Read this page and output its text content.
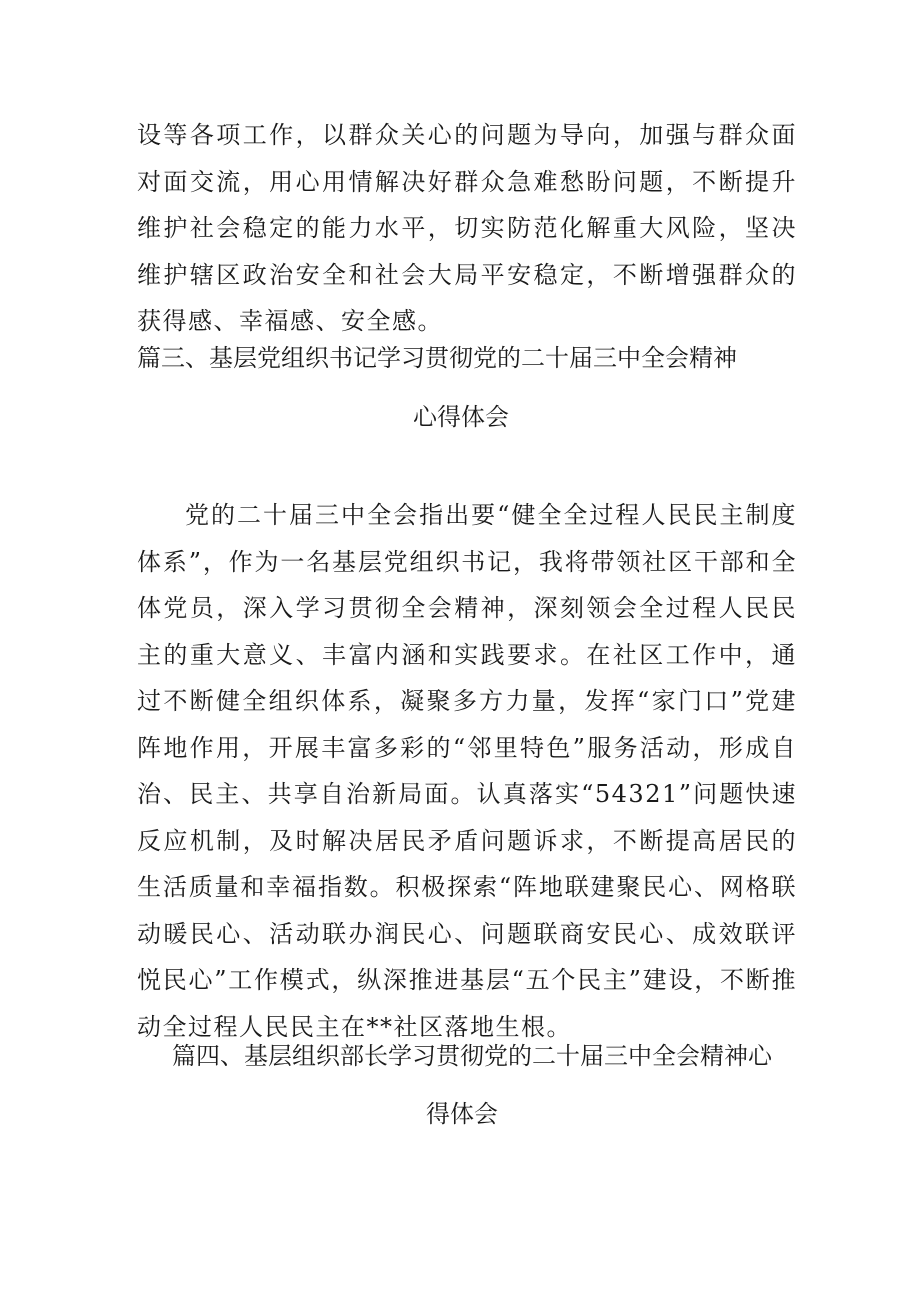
设等各项工作，以群众关心的问题为导向，加强与群众面对面交流，用心用情解决好群众急难愁盼问题，不断提升维护社会稳定的能力水平，切实防范化解重大风险，坚决维护辖区政治安全和社会大局平安稳定，不断增强群众的获得感、幸福感、安全感。

篇三、基层党组织书记学习贯彻党的二十届三中全会精神
心得体会

党的二十届三中全会指出要“健全全过程人民民主制度体系”，作为一名基层党组织书记，我将带领社区干部和全体党员，深入学习贯彻全会精神，深刻领会全过程人民民主的重大意义、丰富内涵和实践要求。在社区工作中，通过不断健全组织体系，凝聚多方力量，发挥“家门口”党建阵地作用，开展丰富多彩的“邻里特色”服务活动，形成自治、民主、共享自治新局面。认真落实“54321”问题快速反应机制，及时解决居民矛盾问题诉求，不断提高居民的生活质量和幸福指数。积极探索“阵地联建聚民心、网格联动暖民心、活动联办润民心、问题联商安民心、成效联评悦民心”工作模式，纵深推进基层“五个民主”建设，不断推动全过程人民民主在**社区落地生根。

篇四、基层组织部长学习贯彻党的二十届三中全会精神心
得体会
